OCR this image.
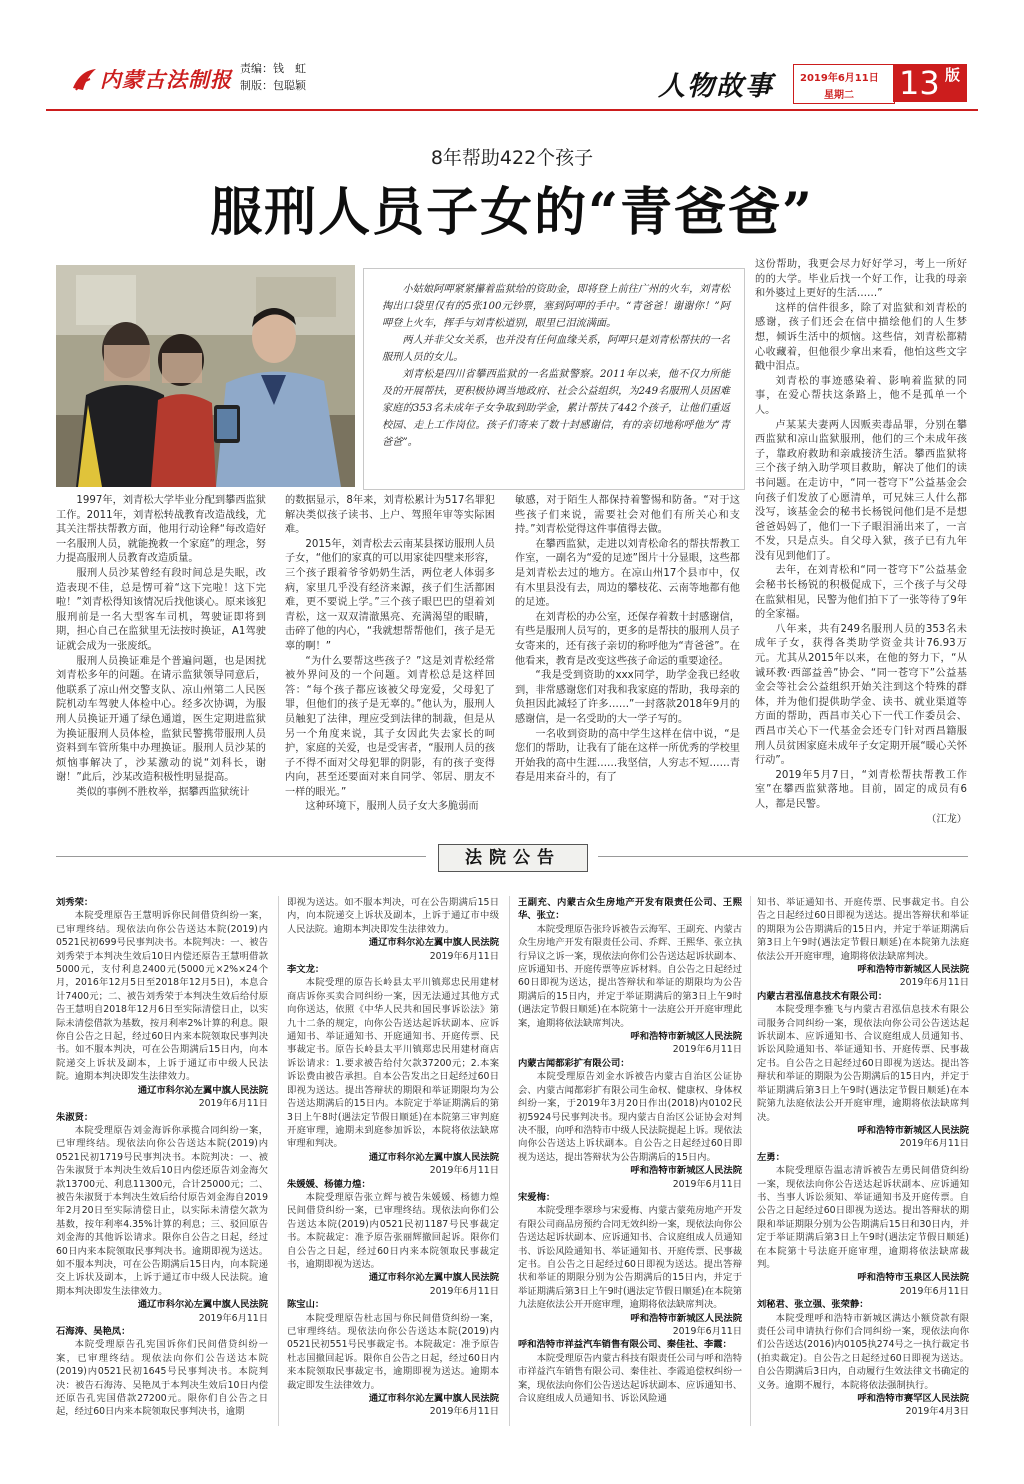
内蒙古法制报 责编：钱　虹
制版：包聪颖	人物故事	2019年6月11日
星期二 13 版
8年帮助422个孩子
服刑人员子女的“青爸爸”

小姑娘阿呷紧紧攥着监狱给的资助金，即将登上前往广州的火车，刘青松掏出口袋里仅有的5张100元钞票，塞到阿呷的手中。“青爸爸！谢谢你！”阿呷登上火车，挥手与刘青松道别，眼里已泪流满面。

两人并非父女关系，也并没有任何血缘关系，阿呷只是刘青松帮扶的一名服刑人员的女儿。

刘青松是四川省攀西监狱的一名监狱警察。2011年以来，他不仅力所能及的开展帮扶，更积极协调当地政府、社会公益组织，为249名服刑人员困难家庭的353名未成年子女争取到助学金，累计帮扶了442个孩子，让他们重返校园、走上工作岗位。孩子们寄来了数十封感谢信，有的亲切地称呼他为“青爸爸”。

1997年，刘青松大学毕业分配到攀西监狱工作。2011年，刘青松转战教育改造战线，尤其关注帮扶帮教方面，他用行动诠释“每改造好一名服刑人员，就能挽救一个家庭”的理念，努力提高服刑人员教育改造质量。

服刑人员沙某曾经有段时间总是失眠，改造表现不佳，总是愣可着“这下完啦！这下完啦！”刘青松得知该情况后找他谈心。原来该犯服刑前是一名大型客车司机，驾驶证即将到期，担心自己在监狱里无法按时换证，A1驾驶证就会成为一张废纸。

服刑人员换证难是个普遍问题，也是困扰刘青松多年的问题。在请示监狱领导同意后，他联系了凉山州交警支队、凉山州第二人民医院机动车驾驶人体检中心。经多次协调，为服刑人员换证开通了绿色通道，医生定期进监狱为换证服刑人员体检，监狱民警携带服刑人员资料到车管所集中办理换证。服刑人员沙某的烦恼事解决了，沙某激动的说“刘科长，谢谢！”此后，沙某改造积极性明显提高。

类似的事例不胜枚举，据攀西监狱统计

的数据显示，8年来，刘青松累计为517名罪犯解决类似孩子读书、上户、驾照年审等实际困难。

2015年，刘青松去云南某县探访服刑人员子女，“他们的家真的可以用家徒四壁来形容，三个孩子跟着爷爷奶奶生活，两位老人体弱多病，家里几乎没有经济来源，孩子们生活都困难，更不要说上学。”三个孩子眼巴巴的望着刘青松，这一双双清澈黑亮、充满渴望的眼睛，击碎了他的内心，“我就想帮帮他们，孩子是无辜的啊！”

“为什么要帮这些孩子？”这是刘青松经常被外界问及的一个问题。刘青松总是这样回答：“每个孩子都应该被父母宠爱，父母犯了罪，但他们的孩子是无辜的。”他认为，服刑人员触犯了法律，理应受到法律的制裁，但是从另一个角度来说，其子女因此失去家长的呵护，家庭的关爱，也是受害者，“服刑人员的孩子不得不面对父母犯罪的阴影，有的孩子变得内向，甚至还要面对来自同学、邻居、朋友不一样的眼光。”

这种环境下，服刑人员子女大多脆弱而

敏感，对于陌生人都保持着警惕和防备。“对于这些孩子们来说，需要社会对他们有所关心和支持。”刘青松觉得这件事值得去做。

在攀西监狱，走进以刘青松命名的帮扶帮教工作室，一副名为“爱的足迹”图片十分显眼，这些都是刘青松去过的地方。在凉山州17个县市中，仅有木里县没有去，周边的攀枝花、云南等地都有他的足迹。

在刘青松的办公室，还保存着数十封感谢信，有些是服刑人员写的，更多的是帮扶的服刑人员子女寄来的，还有孩子亲切的称呼他为“青爸爸”。在他看来，教育是改变这些孩子命运的重要途径。

“我是受到资助的xxx同学，助学金我已经收到，非常感谢您们对我和我家庭的帮助，我母亲的负担因此减轻了许多……”一封落款2018年9月的感谢信，是一名受助的大一学子写的。

一名收到资助的高中学生这样在信中说，“是您们的帮助，让我有了能在这样一所优秀的学校里开始我的高中生涯……我坚信，人穷志不短……青春是用来奋斗的，有了

这份帮助，我更会尽力好好学习，考上一所好的的大学。毕业后找一个好工作，让我的母亲和外婆过上更好的生活……”

这样的信件很多，除了对监狱和刘青松的感谢，孩子们还会在信中描绘他们的人生梦想，倾诉生活中的烦恼。这些信，刘青松都精心收藏着，但他很少拿出来看，他怕这些文字戳中泪点。

刘青松的事迹感染着、影响着监狱的同事，在爱心帮扶这条路上，他不是孤单一个人。

卢某某夫妻两人因贩卖毒品罪，分别在攀西监狱和凉山监狱服刑，他们的三个未成年孩子，靠政府救助和亲戚接济生活。攀西监狱将三个孩子纳入助学项目救助，解决了他们的读书问题。在走访中，“同一苍穹下”公益基金会向孩子们发放了心愿清单，可兄妹三人什么都没写，该基金会的秘书长杨锐问他们是不是想爸爸妈妈了，他们一下子眼泪涌出来了，一言不发，只是点头。自父母入狱，孩子已有九年没有见到他们了。

去年，在刘青松和“同一苍穹下”公益基金会秘书长杨锐的积极促成下，三个孩子与父母在监狱相见，民警为他们拍下了一张等待了9年的全家福。

八年来，共有249名服刑人员的353名未成年子女，获得各类助学资金共计76.93万元。尤其从2015年以来，在他的努力下，“从诚环教·西部益善”协会、“同一苍穹下”公益基金会等社会公益组织开始关注到这个特殊的群体，并为他们提供助学金、读书、就业渠道等方面的帮助，西昌市关心下一代工作委员会、西昌市关心下一代基金会还专门针对西昌籍服刑人员贫困家庭未成年子女定期开展“暖心关怀行动”。

2019年5月7日，“刘青松帮扶帮教工作室”在攀西监狱落地。目前，固定的成员有6人，都是民警。

（江龙）
法院公告

刘秀荣：

本院受理原告王慧明诉你民间借贷纠纷一案，已审理终结。现依法向你公告送达本院(2019)内0521民初699号民事判决书。本院判决：一、被告刘秀荣于本判决生效后10日内偿还原告王慧明借款5000元，支付利息2400元(5000元×2%×24个月，2016年12月5日至2018年12月5日)，本息合计7400元；二、被告刘秀荣于本判决生效后给付原告王慧明自2018年12月6日至实际清偿日止，以实际未清偿借款为基数，按月利率2%计算的利息。限你自公告之日起，经过60日内来本院领取民事判决书。如不服本判决，可在公告期满后15日内，向本院递交上诉状及副本，上诉于通辽市中级人民法院。逾期本判决即发生法律效力。

通辽市科尔沁左翼中旗人民法院

2019年6月11日

朱淑贤：

本院受理原告刘金海诉你承揽合同纠纷一案，已审理终结。现依法向你公告送达本院(2019)内0521民初1719号民事判决书。本院判决：一、被告朱淑贤于本判决生效后10日内偿还原告刘金海欠款13700元、利息11300元，合计25000元；二、被告朱淑贤于本判决生效后给付原告刘金海自2019年2月20日至实际清偿日止，以实际未清偿欠款为基数，按年利率4.35%计算的利息；三、驳回原告刘金海的其他诉讼请求。限你自公告之日起，经过60日内来本院领取民事判决书。逾期即视为送达。如不服本判决，可在公告期满后15日内，向本院递交上诉状及副本，上诉于通辽市中级人民法院。逾期本判决即发生法律效力。

通辽市科尔沁左翼中旗人民法院

2019年6月11日

石海涛、吴艳凤：

本院受理原告孔宪国诉你们民间借贷纠纷一案，已审理终结。现依法向你们公告送达本院(2019)内0521民初1645号民事判决书。本院判决：被告石海涛、吴艳凤于本判决生效后10日内偿还原告孔宪国借款27200元。限你们自公告之日起，经过60日内来本院领取民事判决书，逾期

即视为送达。如不服本判决，可在公告期满后15日内，向本院递交上诉状及副本，上诉于通辽市中级人民法院。逾期本判决即发生法律效力。

通辽市科尔沁左翼中旗人民法院

2019年6月11日

李文龙：

本院受理的原告长岭县太平川镇郑忠民用建材商店诉你买卖合同纠纷一案，因无法通过其他方式向你送达，依照《中华人民共和国民事诉讼法》第九十二条的规定，向你公告送达起诉状副本、应诉通知书、举证通知书、开庭通知书、开庭传票、民事裁定书。原告长岭县太平川镇郑忠民用建材商店诉讼请求：1.要求被告给付欠款37200元；2.本案诉讼费由被告承担。自本公告发出之日起经过60日即视为送达。提出答辩状的期限和举证期限均为公告送达期满后的15日内。本院定于举证期满后的第3日上午8时(遇法定节假日顺延)在本院第三审判庭开庭审理，逾期未到庭参加诉讼，本院将依法缺席审理和判决。

通辽市科尔沁左翼中旗人民法院

2019年6月11日

朱媛媛、杨德力煌：

本院受理原告张立辉与被告朱媛媛、杨德力煌民间借贷纠纷一案，已审理终结。现依法向你们公告送达本院(2019)内0521民初1187号民事裁定书。本院裁定：准予原告张丽辉撤回起诉。限你们自公告之日起，经过60日内来本院领取民事裁定书，逾期即视为送达。

通辽市科尔沁左翼中旗人民法院

2019年6月11日

陈宝山：

本院受理原告杜志国与你民间借贷纠纷一案，已审理终结。现依法向你公告送达本院(2019)内0521民初551号民事裁定书。本院裁定：准予原告杜志国撤回起诉。限你自公告之日起，经过60日内来本院领取民事裁定书，逾期即视为送达。逾期本裁定即发生法律效力。

通辽市科尔沁左翼中旗人民法院

2019年6月11日

王副充、内蒙古众生房地产开发有限责任公司、王熙华、张立：

本院受理原告张玲诉被告云海军、王副充、内蒙古众生房地产开发有限责任公司、乔辉、王熙华、张立执行异议之诉一案，现依法向你们公告送达起诉状副本、应诉通知书、开庭传票等应诉材料。自公告之日起经过60日即视为送达，提出答辩状和举证的期限均为公告期满后的15日内，并定于举证期满后的第3日上午9时(遇法定节假日顺延)在本院第十一法庭公开开庭审理此案，逾期将依法缺席判决。

呼和浩特市新城区人民法院

2019年6月11日

内蒙古闻都彩扩有限公司：

本院受理原告刘金水诉被告内蒙古自治区公证协会、内蒙古闻都彩扩有限公司生命权、健康权、身体权纠纷一案，于2019年3月20日作出(2018)内0102民初5924号民事判决书。现内蒙古自治区公证协会对判决不服，向呼和浩特市中级人民法院提起上诉。现依法向你公告送达上诉状副本。自公告之日起经过60日即视为送达，提出答辩状为公告期满后的15日内。

呼和浩特市新城区人民法院

2019年6月11日

宋爱梅：

本院受理李翠珍与宋爱梅、内蒙古蒙苑房地产开发有限公司商品房预约合同无效纠纷一案，现依法向你公告送达起诉状副本、应诉通知书、合议庭组成人员通知书、诉讼风险通知书、举证通知书、开庭传票、民事裁定书。自公告之日起经过60日即视为送达。提出答辩状和举证的期限分别为公告期满后的15日内，并定于举证期满后第3日上午9时(遇法定节假日顺延)在本院第九法庭依法公开开庭审理，逾期将依法缺席判决。

呼和浩特市新城区人民法院

2019年6月11日

呼和浩特市祥益汽车销售有限公司、秦佳社、李霞：

本院受理原告内蒙古科技有限责任公司与呼和浩特市祥益汽车销售有限公司、秦佳社、李霞追偿权纠纷一案，现依法向你们公告送达起诉状副本、应诉通知书、合议庭组成人员通知书、诉讼风险通

知书、举证通知书、开庭传票、民事裁定书。自公告之日起经过60日即视为送达。提出答辩状和举证的期限为公告期满后的15日内，并定于举证期满后第3日上午9时(遇法定节假日顺延)在本院第九法庭依法公开开庭审理，逾期将依法缺席判决。

呼和浩特市新城区人民法院

2019年6月11日

内蒙古君泓信息技术有限公司：

本院受理李雅飞与内蒙古君泓信息技术有限公司服务合同纠纷一案，现依法向你公司公告送达起诉状副本、应诉通知书、合议庭组成人员通知书、诉讼风险通知书、举证通知书、开庭传票、民事裁定书。自公告之日起经过60日即视为送达。提出答辩状和举证的期限为公告期满后的15日内，并定于举证期满后第3日上午9时(遇法定节假日顺延)在本院第九法庭依法公开开庭审理，逾期将依法缺席判决。

呼和浩特市新城区人民法院

2019年6月11日

左勇：

本院受理原告温志清诉被告左勇民间借贷纠纷一案，现依法向你公告送达起诉状副本、应诉通知书、当事人诉讼须知、举证通知书及开庭传票。自公告之日起经过60日即视为送达。提出答辩状的期限和举证期限分别为公告期满后15日和30日内，并定于举证期满后第3日上午9时(遇法定节假日顺延)在本院第十号法庭开庭审理，逾期将依法缺席裁判。

呼和浩特市玉泉区人民法院

2019年6月11日

刘秘君、张立强、张荣静：

本院受理呼和浩特市新城区满达小额贷款有限责任公司申请执行你们合同纠纷一案，现依法向你们公告送达(2016)内0105执274号之一执行裁定书(拍卖裁定)。自公告之日起经过60日即视为送达。自公告期满后3日内，自动履行生效法律文书确定的义务。逾期不履行，本院将依法强制执行。

呼和浩特市赛罕区人民法院

2019年4月3日
